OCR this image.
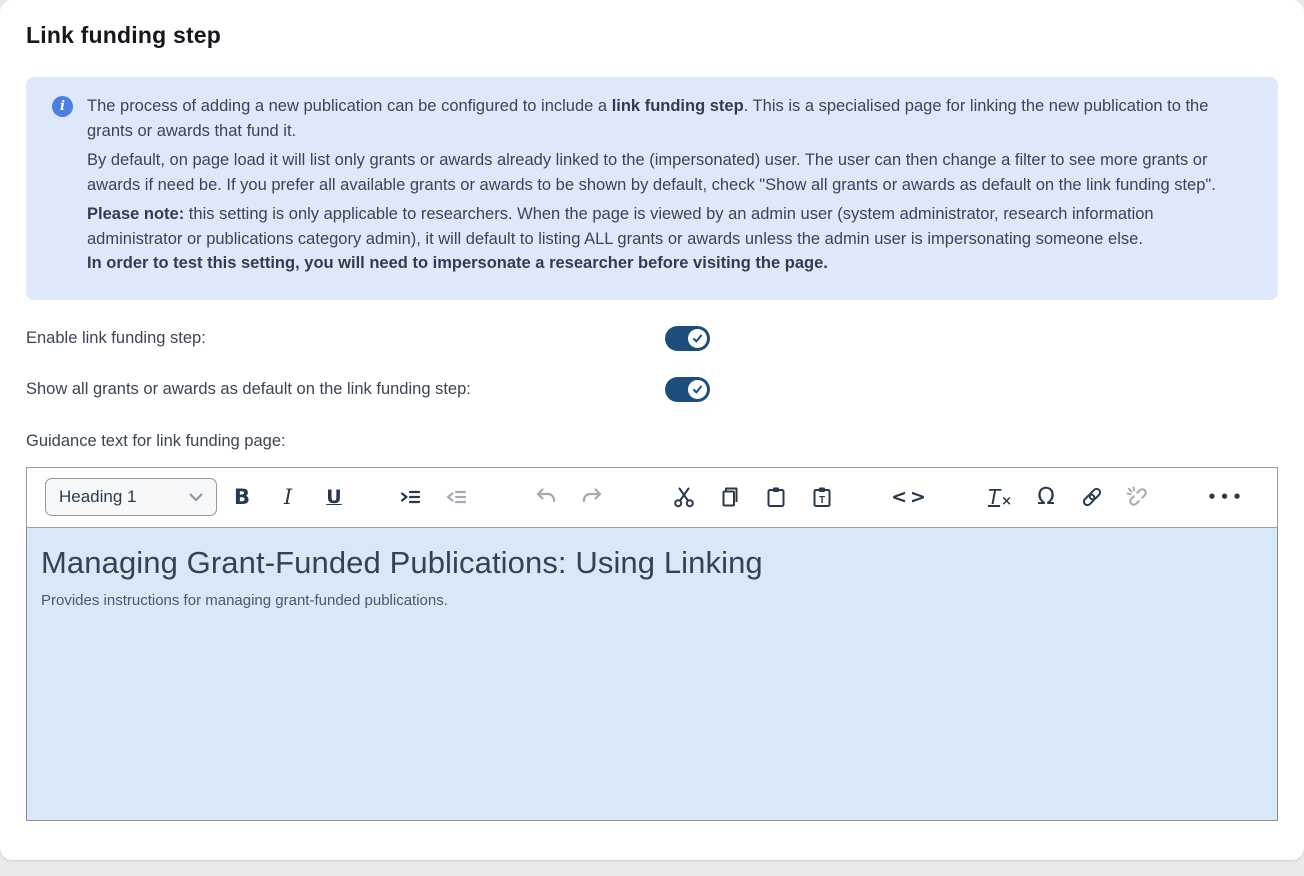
Link funding step
i	The process of adding a new publication can be configured to include a link funding step. This is a specialised page for linking the new publication to the grants or awards that fund it.

By default, on page load it will list only grants or awards already linked to the (impersonated) user. The user can then change a filter to see more grants or awards if need be. If you prefer all available grants or awards to be shown by default, check "Show all grants or awards as default on the link funding step".

Please note: this setting is only applicable to researchers. When the page is viewed by an admin user (system administrator, research information administrator or publications category admin), it will default to listing ALL grants or awards unless the admin user is impersonating someone else.
In order to test this setting, you will need to impersonate a researcher before visiting the page.

Enable link funding step:
Show all grants or awards as default on the link funding step:
Guidance text for link funding page:
Heading 1	B	I	U	T	<>	T × Ω	•••
Managing Grant-Funded Publications: Using Linking

Provides instructions for managing grant-funded publications.
